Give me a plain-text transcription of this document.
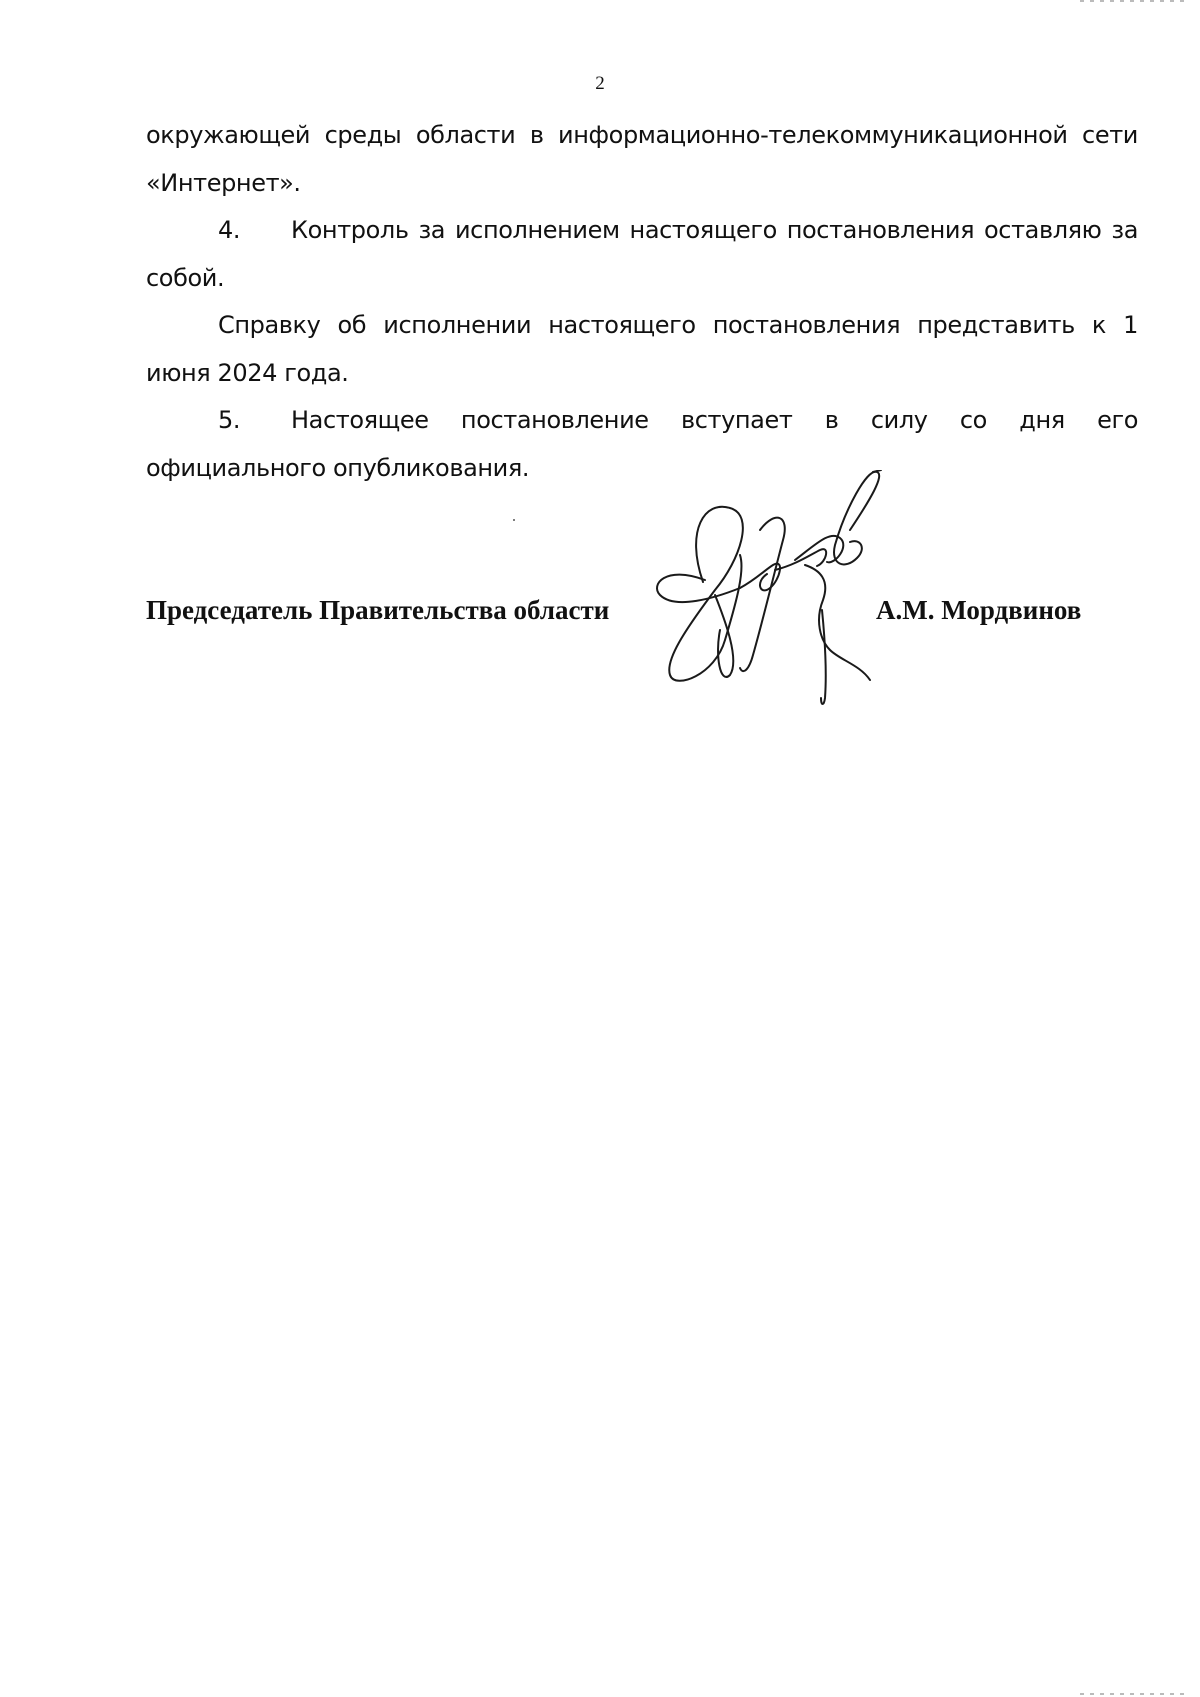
2

окружающей среды области в информационно-телекоммуникационной сети «Интернет».

4. Контроль за исполнением настоящего постановления оставляю за собой.

Справку об исполнении настоящего постановления представить к 1 июня 2024 года.

5. Настоящее постановление вступает в силу со дня его официального опубликования.

Председатель Правительства области	А.М. Мордвинов
